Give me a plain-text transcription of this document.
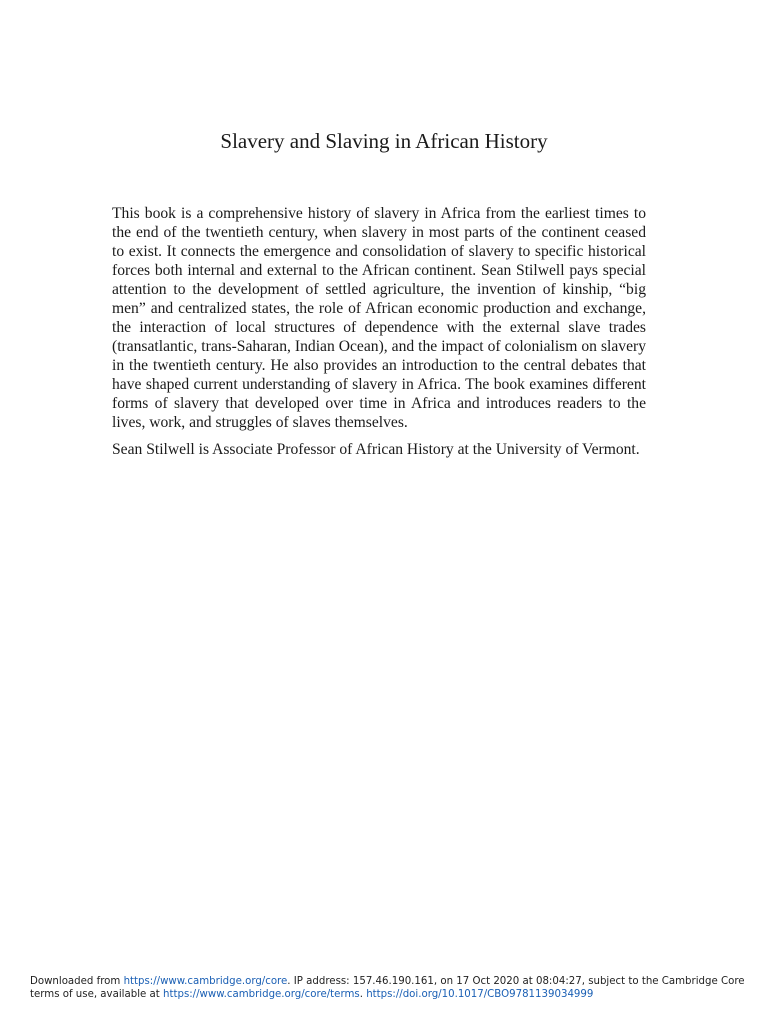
Slavery and Slaving in African History

This book is a comprehensive history of slavery in Africa from the earliest times to the end of the twentieth century, when slavery in most parts of the continent ceased to exist. It connects the emergence and consolidation of slavery to specific historical forces both internal and external to the African continent. Sean Stilwell pays special attention to the development of settled agriculture, the invention of kinship, “big men” and centralized states, the role of African economic production and exchange, the interaction of local structures of dependence with the external slave trades (transatlantic, trans-Saharan, Indian Ocean), and the impact of colonialism on slavery in the twentieth century. He also provides an introduction to the central debates that have shaped current understanding of slavery in Africa. The book examines different forms of slavery that developed over time in Africa and introduces readers to the lives, work, and struggles of slaves themselves.

Sean Stilwell is Associate Professor of African History at the University of Vermont.

Downloaded from https://www.cambridge.org/core. IP address: 157.46.190.161, on 17 Oct 2020 at 08:04:27, subject to the Cambridge Core
terms of use, available at https://www.cambridge.org/core/terms. https://doi.org/10.1017/CBO9781139034999
